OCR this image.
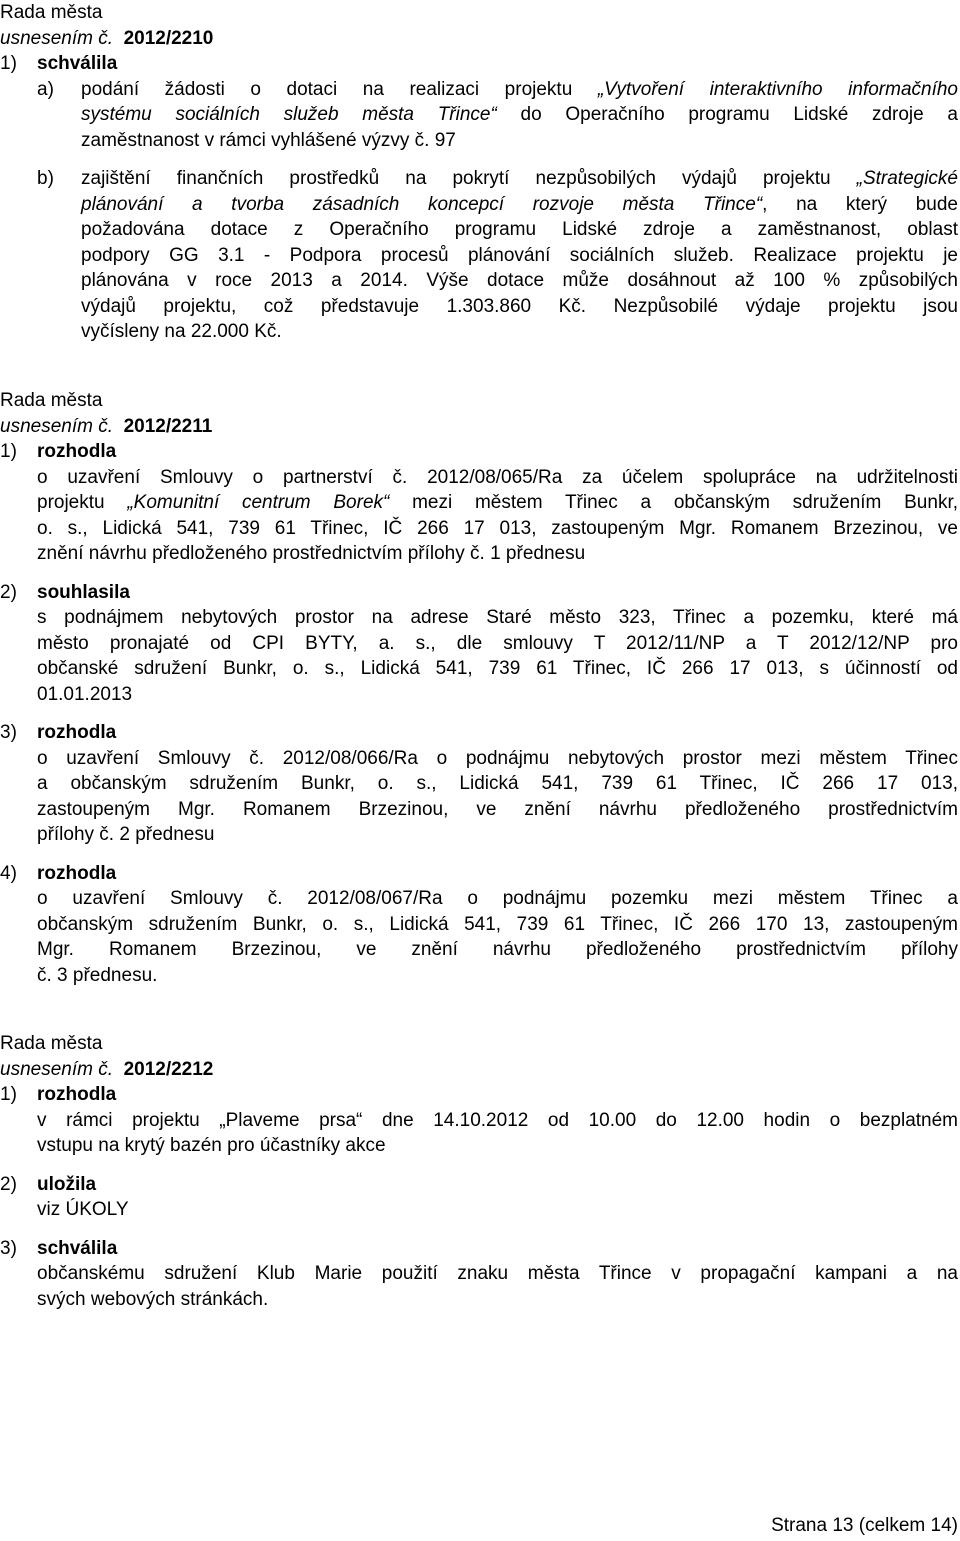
Rada města
usnesením č. 2012/2210
1) schválila
a) podání žádosti o dotaci na realizaci projektu „Vytvoření interaktivního informačního
systému sociálních služeb města Třince“ do Operačního programu Lidské zdroje a
zaměstnanost v rámci vyhlášené výzvy č. 97
b) zajištění finančních prostředků na pokrytí nezpůsobilých výdajů projektu „Strategické
plánování a tvorba zásadních koncepcí rozvoje města Třince“, na který bude
požadována dotace z Operačního programu Lidské zdroje a zaměstnanost, oblast
podpory GG 3.1 - Podpora procesů plánování sociálních služeb. Realizace projektu je
plánována v roce 2013 a 2014. Výše dotace může dosáhnout až 100 % způsobilých
výdajů projektu, což představuje 1.303.860 Kč. Nezpůsobilé výdaje projektu jsou
vyčísleny na 22.000 Kč.
Rada města
usnesením č. 2012/2211
1) rozhodla
o uzavření Smlouvy o partnerství č. 2012/08/065/Ra za účelem spolupráce na udržitelnosti
projektu „Komunitní centrum Borek“ mezi městem Třinec a občanským sdružením Bunkr,
o. s., Lidická 541, 739 61 Třinec, IČ 266 17 013, zastoupeným Mgr. Romanem Brzezinou, ve
znění návrhu předloženého prostřednictvím přílohy č. 1 přednesu
2) souhlasila
s podnájmem nebytových prostor na adrese Staré město 323, Třinec a pozemku, které má
město pronajaté od CPI BYTY, a. s., dle smlouvy T 2012/11/NP a T 2012/12/NP pro
občanské sdružení Bunkr, o. s., Lidická 541, 739 61 Třinec, IČ 266 17 013, s účinností od
01.01.2013
3) rozhodla
o uzavření Smlouvy č. 2012/08/066/Ra o podnájmu nebytových prostor mezi městem Třinec
a občanským sdružením Bunkr, o. s., Lidická 541, 739 61 Třinec, IČ 266 17 013,
zastoupeným Mgr. Romanem Brzezinou, ve znění návrhu předloženého prostřednictvím
přílohy č. 2 přednesu
4) rozhodla
o uzavření Smlouvy č. 2012/08/067/Ra o podnájmu pozemku mezi městem Třinec a
občanským sdružením Bunkr, o. s., Lidická 541, 739 61 Třinec, IČ 266 170 13, zastoupeným
Mgr. Romanem Brzezinou, ve znění návrhu předloženého prostřednictvím přílohy
č. 3 přednesu.
Rada města
usnesením č. 2012/2212
1) rozhodla
v rámci projektu „Plaveme prsa“ dne 14.10.2012 od 10.00 do 12.00 hodin o bezplatném
vstupu na krytý bazén pro účastníky akce
2) uložila
viz ÚKOLY
3) schválila
občanskému sdružení Klub Marie použití znaku města Třince v propagační kampani a na
svých webových stránkách.
Strana 13 (celkem 14)
